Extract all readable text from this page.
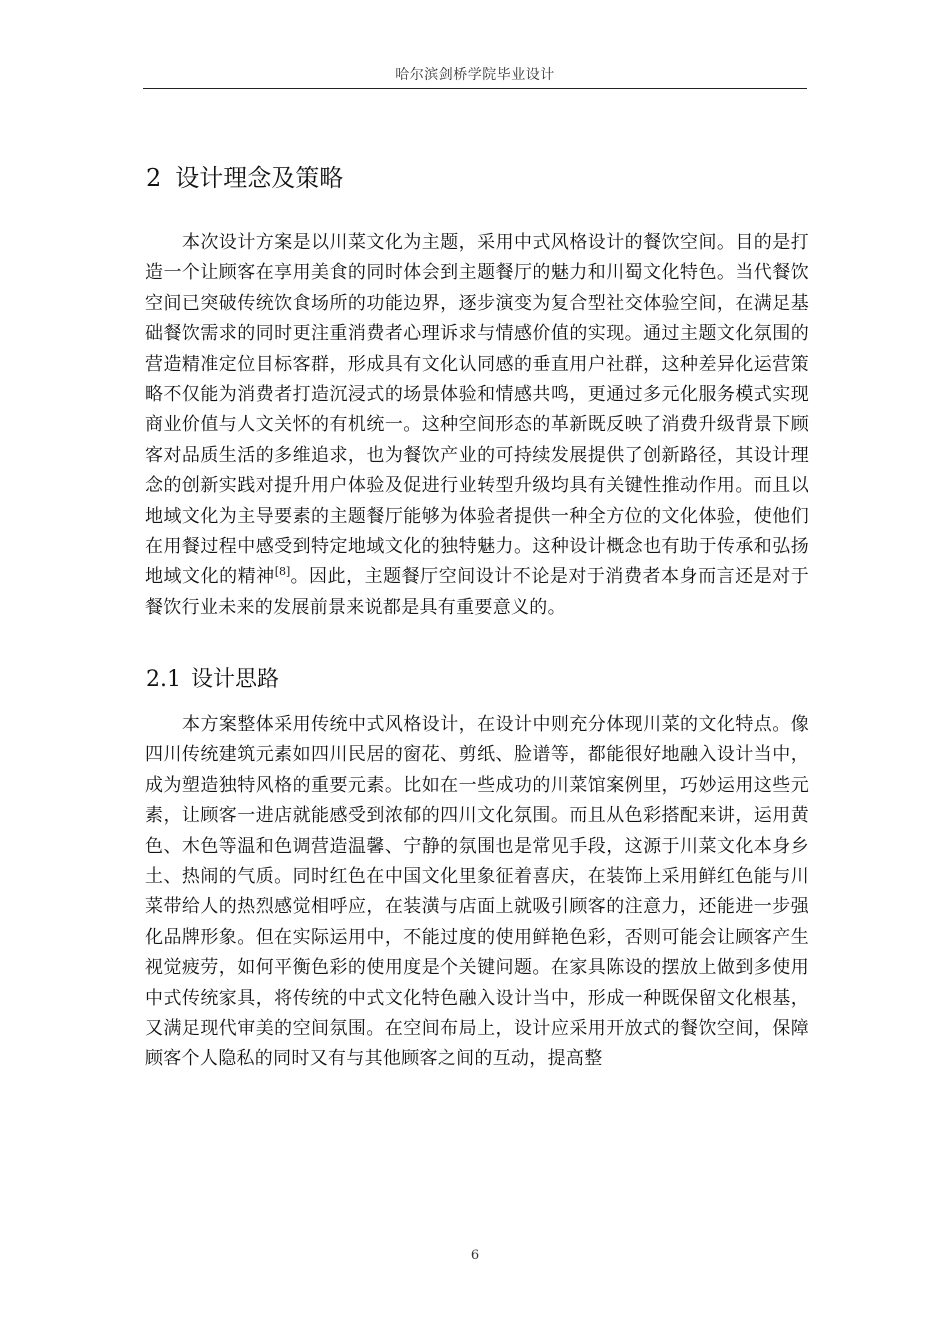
哈尔滨剑桥学院毕业设计
2 设计理念及策略

本次设计方案是以川菜文化为主题，采用中式风格设计的餐饮空间。目的是打造一个让顾客在享用美食的同时体会到主题餐厅的魅力和川蜀文化特色。当代餐饮空间已突破传统饮食场所的功能边界，逐步演变为复合型社交体验空间，在满足基础餐饮需求的同时更注重消费者心理诉求与情感价值的实现。通过主题文化氛围的营造精准定位目标客群，形成具有文化认同感的垂直用户社群，这种差异化运营策略不仅能为消费者打造沉浸式的场景体验和情感共鸣，更通过多元化服务模式实现商业价值与人文关怀的有机统一。这种空间形态的革新既反映了消费升级背景下顾客对品质生活的多维追求，也为餐饮产业的可持续发展提供了创新路径，其设计理念的创新实践对提升用户体验及促进行业转型升级均具有关键性推动作用。而且以地域文化为主导要素的主题餐厅能够为体验者提供一种全方位的文化体验，使他们在用餐过程中感受到特定地域文化的独特魅力。这种设计概念也有助于传承和弘扬地域文化的精神[8]。因此，主题餐厅空间设计不论是对于消费者本身而言还是对于餐饮行业未来的发展前景来说都是具有重要意义的。

2.1 设计思路

本方案整体采用传统中式风格设计，在设计中则充分体现川菜的文化特点。像四川传统建筑元素如四川民居的窗花、剪纸、脸谱等，都能很好地融入设计当中，成为塑造独特风格的重要元素。比如在一些成功的川菜馆案例里，巧妙运用这些元素，让顾客一进店就能感受到浓郁的四川文化氛围。而且从色彩搭配来讲，运用黄色、木色等温和色调营造温馨、宁静的氛围也是常见手段，这源于川菜文化本身乡土、热闹的气质。同时红色在中国文化里象征着喜庆，在装饰上采用鲜红色能与川菜带给人的热烈感觉相呼应，在装潢与店面上就吸引顾客的注意力，还能进一步强化品牌形象。但在实际运用中，不能过度的使用鲜艳色彩，否则可能会让顾客产生视觉疲劳，如何平衡色彩的使用度是个关键问题。在家具陈设的摆放上做到多使用中式传统家具，将传统的中式文化特色融入设计当中，形成一种既保留文化根基，又满足现代审美的空间氛围。在空间布局上，设计应采用开放式的餐饮空间，保障顾客个人隐私的同时又有与其他顾客之间的互动，提高整

6
